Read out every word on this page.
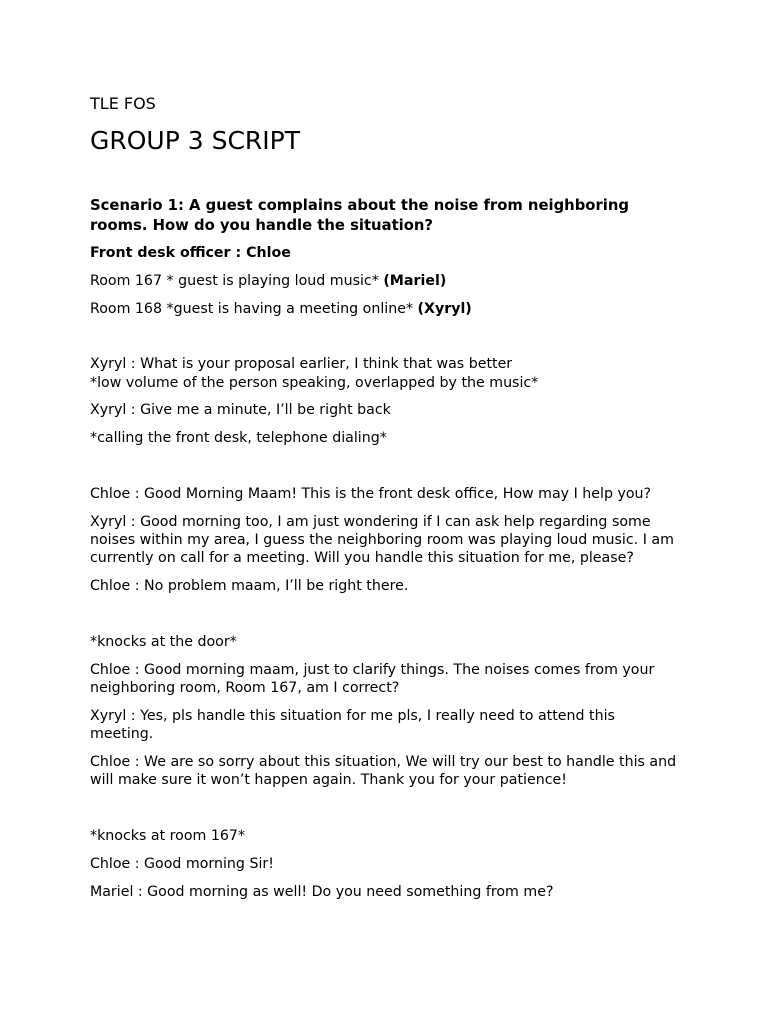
TLE FOS

GROUP 3 SCRIPT

Scenario 1: A guest complains about the noise from neighboring rooms. How do you handle the situation?

Front desk officer : Chloe

Room 167 * guest is playing loud music* (Mariel)

Room 168 *guest is having a meeting online* (Xyryl)

Xyryl : What is your proposal earlier, I think that was better
*low volume of the person speaking, overlapped by the music*

Xyryl : Give me a minute, I’ll be right back

*calling the front desk, telephone dialing*

Chloe : Good Morning Maam! This is the front desk office, How may I help you?

Xyryl : Good morning too, I am just wondering if I can ask help regarding some noises within my area, I guess the neighboring room was playing loud music. I am currently on call for a meeting. Will you handle this situation for me, please?

Chloe : No problem maam, I’ll be right there.

*knocks at the door*

Chloe : Good morning maam, just to clarify things. The noises comes from your neighboring room, Room 167, am I correct?

Xyryl : Yes, pls handle this situation for me pls, I really need to attend this meeting.

Chloe : We are so sorry about this situation, We will try our best to handle this and will make sure it won’t happen again. Thank you for your patience!

*knocks at room 167*

Chloe : Good morning Sir!

Mariel : Good morning as well! Do you need something from me?
